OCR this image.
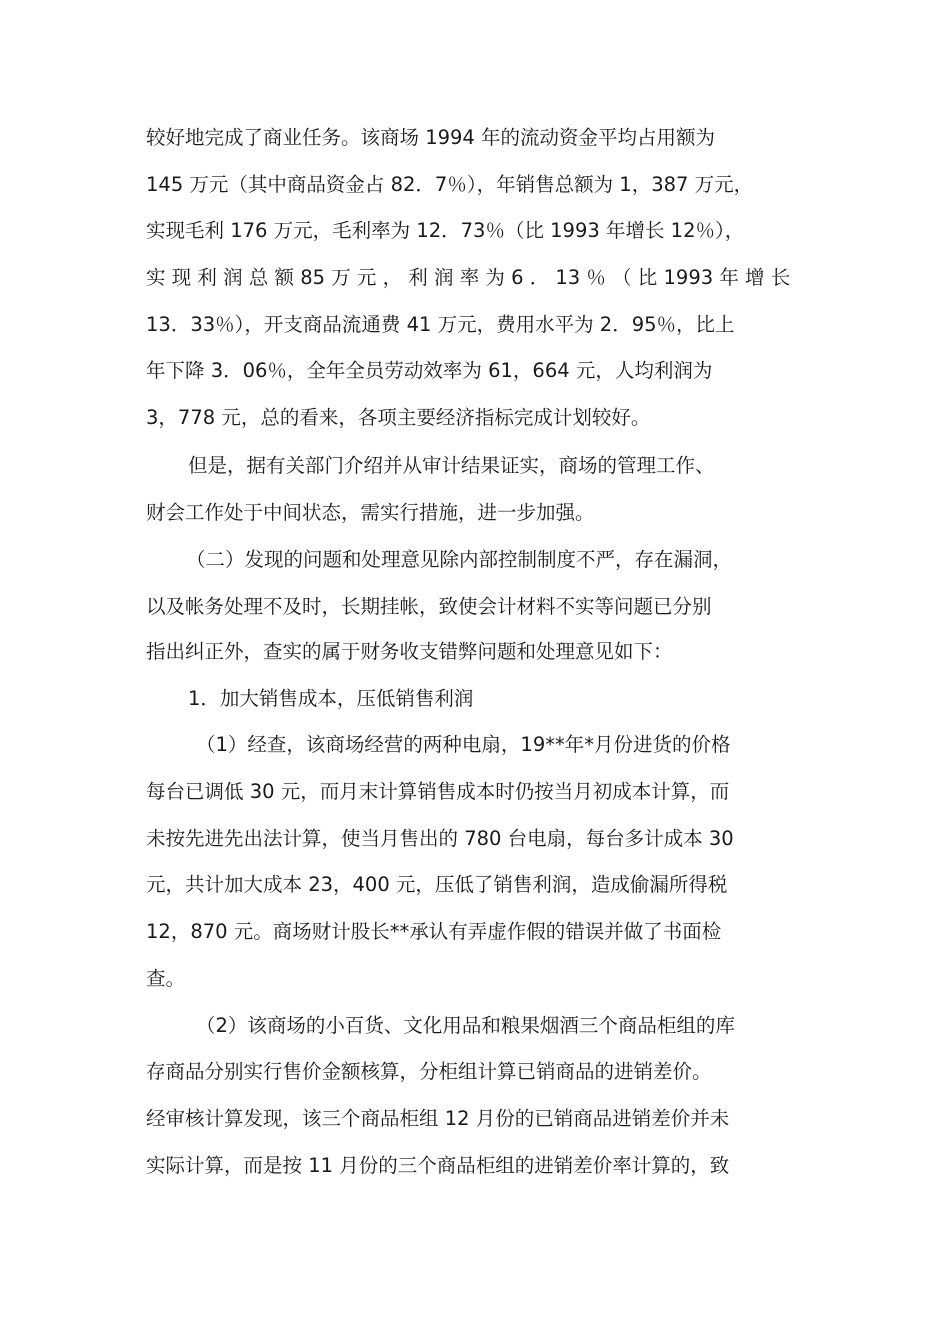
较好地完成了商业任务。该商场 1994 年的流动资金平均占用额为
145 万元（其中商品资金占 82．7％），年销售总额为 1，387 万元，
实现毛利 176 万元，毛利率为 12．73％（比 1993 年增长 12％），
实 现 利 润 总 额 85 万 元 ， 利 润 率 为 6 ． 13 ％ （ 比 1993 年 增 长
13．33％），开支商品流通费 41 万元，费用水平为 2．95％，比上
年下降 3．06％，全年全员劳动效率为 61，664 元，人均利润为
3，778 元，总的看来，各项主要经济指标完成计划较好。
但是，据有关部门介绍并从审计结果证实，商场的管理工作、
财会工作处于中间状态，需实行措施，进一步加强。
（二）发现的问题和处理意见除内部控制制度不严，存在漏洞，
以及帐务处理不及时，长期挂帐，致使会计材料不实等问题已分别
指出纠正外，查实的属于财务收支错弊问题和处理意见如下：
1．加大销售成本，压低销售利润
（1）经查，该商场经营的两种电扇，19**年*月份进货的价格
每台已调低 30 元，而月末计算销售成本时仍按当月初成本计算，而
未按先进先出法计算，使当月售出的 780 台电扇，每台多计成本 30
元，共计加大成本 23，400 元，压低了销售利润，造成偷漏所得税
12，870 元。商场财计股长**承认有弄虚作假的错误并做了书面检
查。
（2）该商场的小百货、文化用品和粮果烟酒三个商品柜组的库
存商品分别实行售价金额核算，分柜组计算已销商品的进销差价。
经审核计算发现，该三个商品柜组 12 月份的已销商品进销差价并未
实际计算，而是按 11 月份的三个商品柜组的进销差价率计算的，致
